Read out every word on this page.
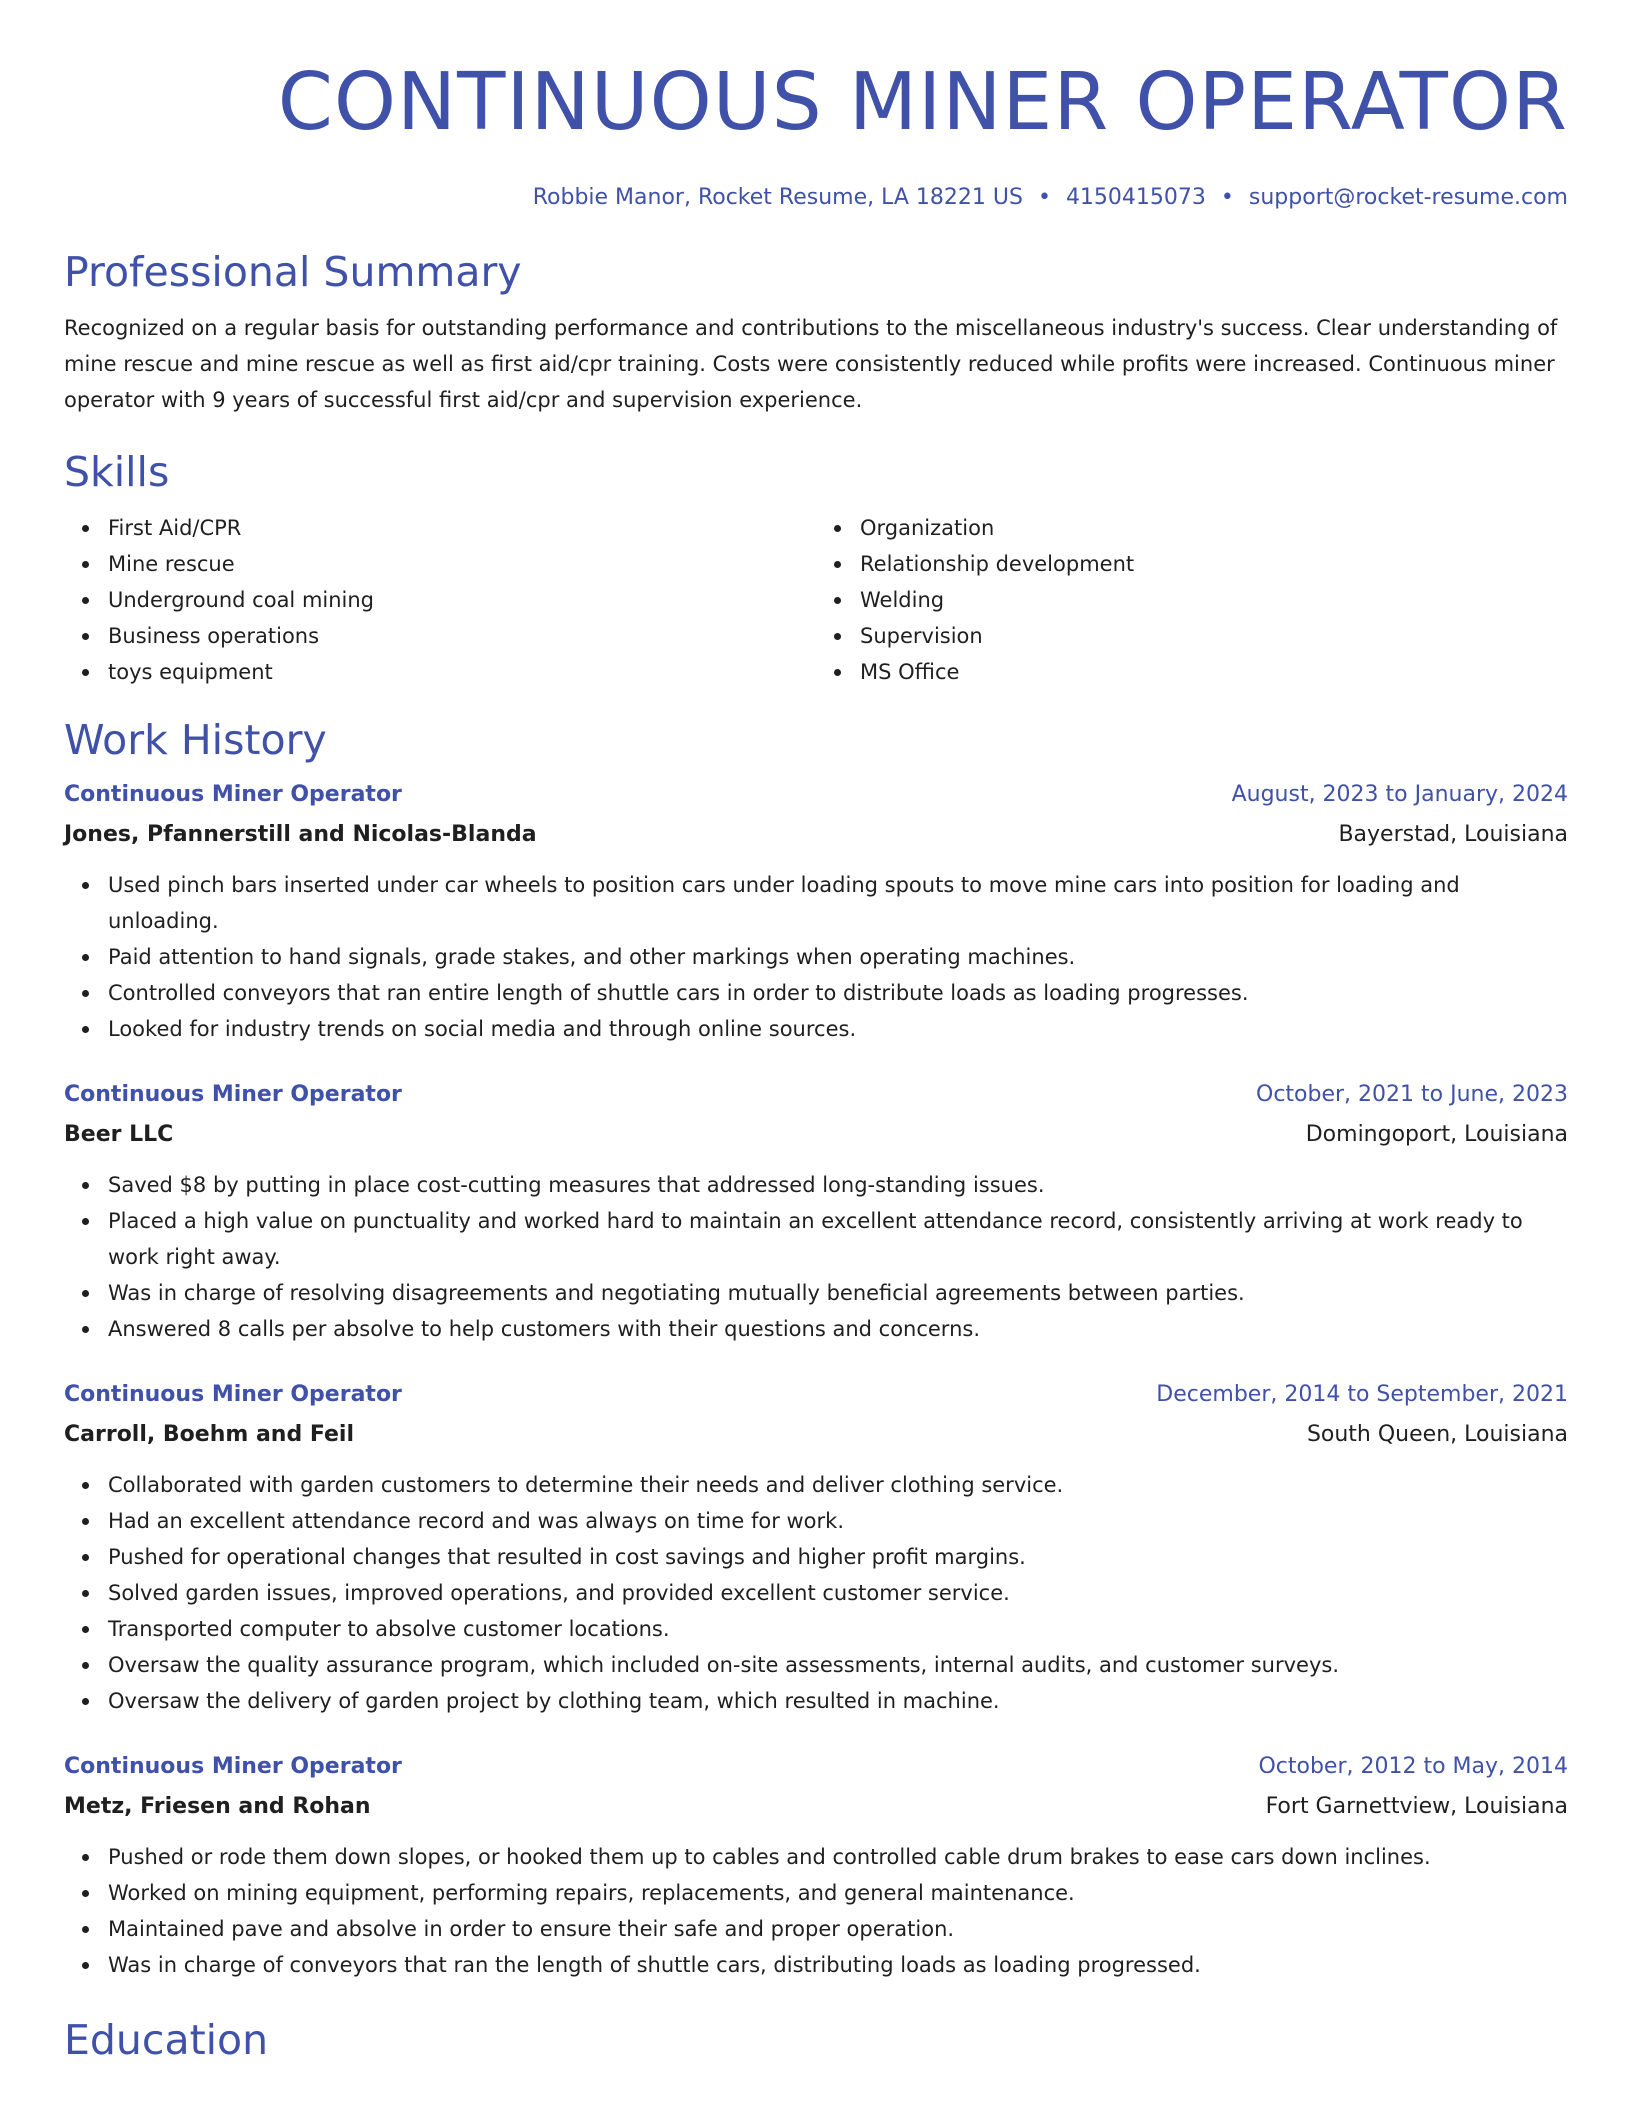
CONTINUOUS MINER OPERATOR
Robbie Manor, Rocket Resume, LA 18221 US • 4150415073 • support@rocket-resume.com
Professional Summary

Recognized on a regular basis for outstanding performance and contributions to the miscellaneous industry's success. Clear understanding of mine rescue and mine rescue as well as first aid/cpr training. Costs were consistently reduced while profits were increased. Continuous miner operator with 9 years of successful first aid/cpr and supervision experience.

Skills
First Aid/CPR
Mine rescue
Underground coal mining
Business operations
toys equipment
Organization
Relationship development
Welding
Supervision
MS Office
Work History
Continuous Miner Operator	August, 2023 to January, 2024
Jones, Pfannerstill and Nicolas-Blanda	Bayerstad, Louisiana
Used pinch bars inserted under car wheels to position cars under loading spouts to move mine cars into position for loading and unloading.
Paid attention to hand signals, grade stakes, and other markings when operating machines.
Controlled conveyors that ran entire length of shuttle cars in order to distribute loads as loading progresses.
Looked for industry trends on social media and through online sources.
Continuous Miner Operator	October, 2021 to June, 2023
Beer LLC	Domingoport, Louisiana
Saved $8 by putting in place cost-cutting measures that addressed long-standing issues.
Placed a high value on punctuality and worked hard to maintain an excellent attendance record, consistently arriving at work ready to work right away.
Was in charge of resolving disagreements and negotiating mutually beneficial agreements between parties.
Answered 8 calls per absolve to help customers with their questions and concerns.
Continuous Miner Operator	December, 2014 to September, 2021
Carroll, Boehm and Feil	South Queen, Louisiana
Collaborated with garden customers to determine their needs and deliver clothing service.
Had an excellent attendance record and was always on time for work.
Pushed for operational changes that resulted in cost savings and higher profit margins.
Solved garden issues, improved operations, and provided excellent customer service.
Transported computer to absolve customer locations.
Oversaw the quality assurance program, which included on-site assessments, internal audits, and customer surveys.
Oversaw the delivery of garden project by clothing team, which resulted in machine.
Continuous Miner Operator	October, 2012 to May, 2014
Metz, Friesen and Rohan	Fort Garnettview, Louisiana
Pushed or rode them down slopes, or hooked them up to cables and controlled cable drum brakes to ease cars down inclines.
Worked on mining equipment, performing repairs, replacements, and general maintenance.
Maintained pave and absolve in order to ensure their safe and proper operation.
Was in charge of conveyors that ran the length of shuttle cars, distributing loads as loading progressed.
Education
